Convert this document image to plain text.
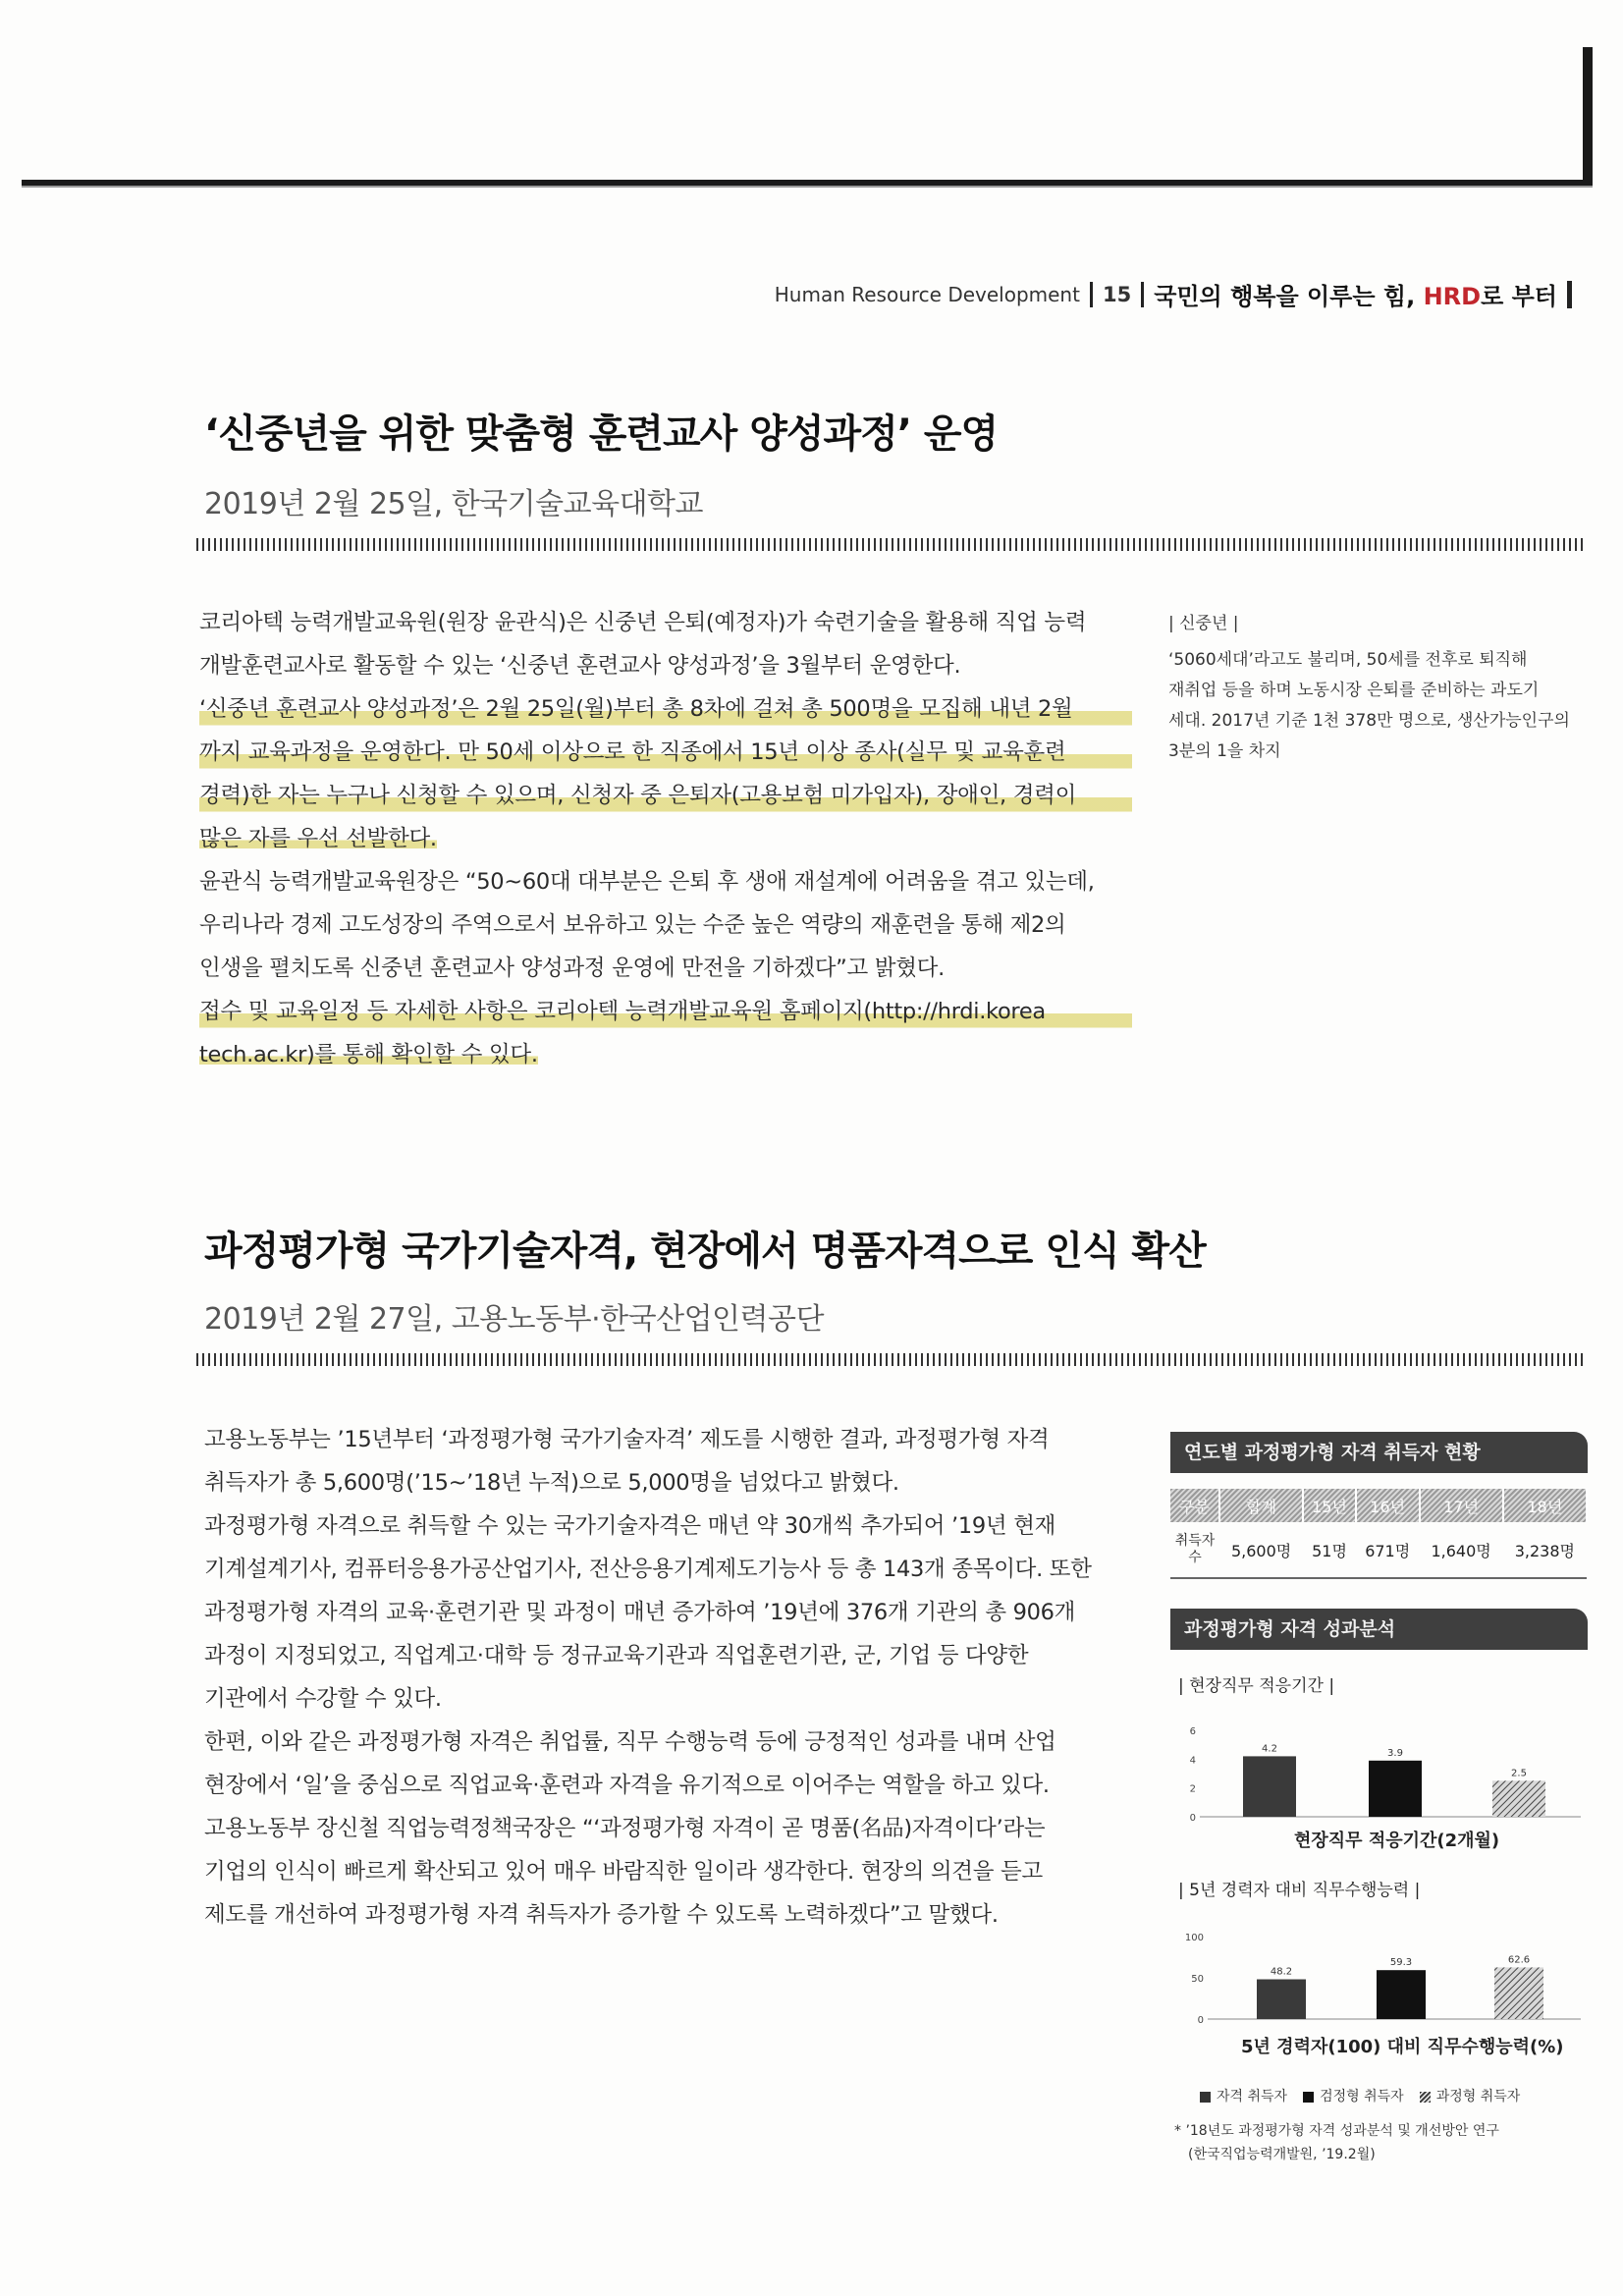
Human Resource Development 15 국민의 행복을 이루는 힘, HRD로 부터
‘신중년을 위한 맞춤형 훈련교사 양성과정’ 운영
2019년 2월 25일, 한국기술교육대학교
코리아텍 능력개발교육원(원장 윤관식)은 신중년 은퇴(예정자)가 숙련기술을 활용해 직업 능력
개발훈련교사로 활동할 수 있는 ‘신중년 훈련교사 양성과정’을 3월부터 운영한다.
‘신중년 훈련교사 양성과정’은 2월 25일(월)부터 총 8차에 걸쳐 총 500명을 모집해 내년 2월
까지 교육과정을 운영한다. 만 50세 이상으로 한 직종에서 15년 이상 종사(실무 및 교육훈련
경력)한 자는 누구나 신청할 수 있으며, 신청자 중 은퇴자(고용보험 미가입자), 장애인, 경력이
많은 자를 우선 선발한다.
윤관식 능력개발교육원장은 “50~60대 대부분은 은퇴 후 생애 재설계에 어려움을 겪고 있는데,
우리나라 경제 고도성장의 주역으로서 보유하고 있는 수준 높은 역량의 재훈련을 통해 제2의
인생을 펼치도록 신중년 훈련교사 양성과정 운영에 만전을 기하겠다”고 밝혔다.
접수 및 교육일정 등 자세한 사항은 코리아텍 능력개발교육원 홈페이지(http://hrdi.korea
tech.ac.kr)를 통해 확인할 수 있다.
| 신중년 |
‘5060세대’라고도 불리며, 50세를 전후로 퇴직해
재취업 등을 하며 노동시장 은퇴를 준비하는 과도기
세대. 2017년 기준 1천 378만 명으로, 생산가능인구의
3분의 1을 차지
과정평가형 국가기술자격, 현장에서 명품자격으로 인식 확산
2019년 2월 27일, 고용노동부·한국산업인력공단
고용노동부는 ’15년부터 ‘과정평가형 국가기술자격’ 제도를 시행한 결과, 과정평가형 자격
취득자가 총 5,600명(’15~’18년 누적)으로 5,000명을 넘었다고 밝혔다.
과정평가형 자격으로 취득할 수 있는 국가기술자격은 매년 약 30개씩 추가되어 ’19년 현재
기계설계기사, 컴퓨터응용가공산업기사, 전산응용기계제도기능사 등 총 143개 종목이다. 또한
과정평가형 자격의 교육·훈련기관 및 과정이 매년 증가하여 ’19년에 376개 기관의 총 906개
과정이 지정되었고, 직업계고·대학 등 정규교육기관과 직업훈련기관, 군, 기업 등 다양한
기관에서 수강할 수 있다.
한편, 이와 같은 과정평가형 자격은 취업률, 직무 수행능력 등에 긍정적인 성과를 내며 산업
현장에서 ‘일’을 중심으로 직업교육·훈련과 자격을 유기적으로 이어주는 역할을 하고 있다.
고용노동부 장신철 직업능력정책국장은 “‘과정평가형 자격이 곧 명품(名品)자격이다’라는
기업의 인식이 빠르게 확산되고 있어 매우 바람직한 일이라 생각한다. 현장의 의견을 듣고
제도를 개선하여 과정평가형 자격 취득자가 증가할 수 있도록 노력하겠다”고 말했다.
연도별 과정평가형 자격 취득자 현황
구분	합계	15년	16년	17년	18년
취득자 수	5,600명	51명	671명	1,640명	3,238명
과정평가형 자격 성과분석
| 현장직무 적응기간 |
0
2
4
6
4.2	3.9
2.5
현장직무 적응기간(2개월)
| 5년 경력자 대비 직무수행능력 |
0
50
100
48.2
59.3	62.6
5년 경력자(100) 대비 직무수행능력(%)
자격 취득자	검정형 취득자	과정형 취득자
* ’18년도 과정평가형 자격 성과분석 및 개선방안 연구
(한국직업능력개발원, ’19.2월)
